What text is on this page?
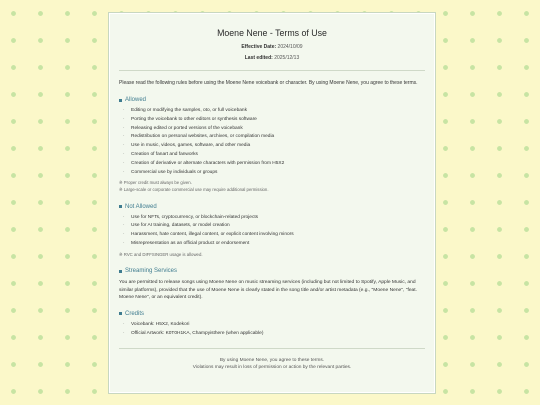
Moene Nene - Terms of Use
Effective Date: 2024/10/09
Last edited: 2025/12/13
Please read the following rules before using the Moene Nene voicebank or character. By using Moene Nene, you agree to these terms.
Allowed
· Editing or modifying the samples, oto, or full voicebank
· Porting the voicebank to other editors or synthesis software
· Releasing edited or ported versions of the voicebank
· Redistribution on personal websites, archives, or compilation media
· Use in music, videos, games, software, and other media
· Creation of fanart and fanworks
· Creation of derivative or alternate characters with permission from H5X2
· Commercial use by individuals or groups
※ Proper credit must always be given.
※ Large-scale or corporate commercial use may require additional permission.
Not Allowed
· Use for NFTs, cryptocurrency, or blockchain-related projects
· Use for AI training, datasets, or model creation
· Harassment, hate content, illegal content, or explicit content involving minors
· Misrepresentation as an official product or endorsement
※ RVC and DIFFSINGER usage is allowed.
Streaming Services
You are permitted to release songs using Moene Nene on music streaming services (including but not limited to Spotify, Apple Music, and similar platforms), provided that the use of Moene Nene is clearly stated in the song title and/or artist metadata (e.g., "Moene Nene", "feat. Moene Nene", or an equivalent credit).
Credits
· Voicebank: H5X2, Kodekori
· Official Artwork: K0T0H1KA, Champyisthere (when applicable)
By using Moene Nene, you agree to these terms.
Violations may result in loss of permission or action by the relevant parties.
